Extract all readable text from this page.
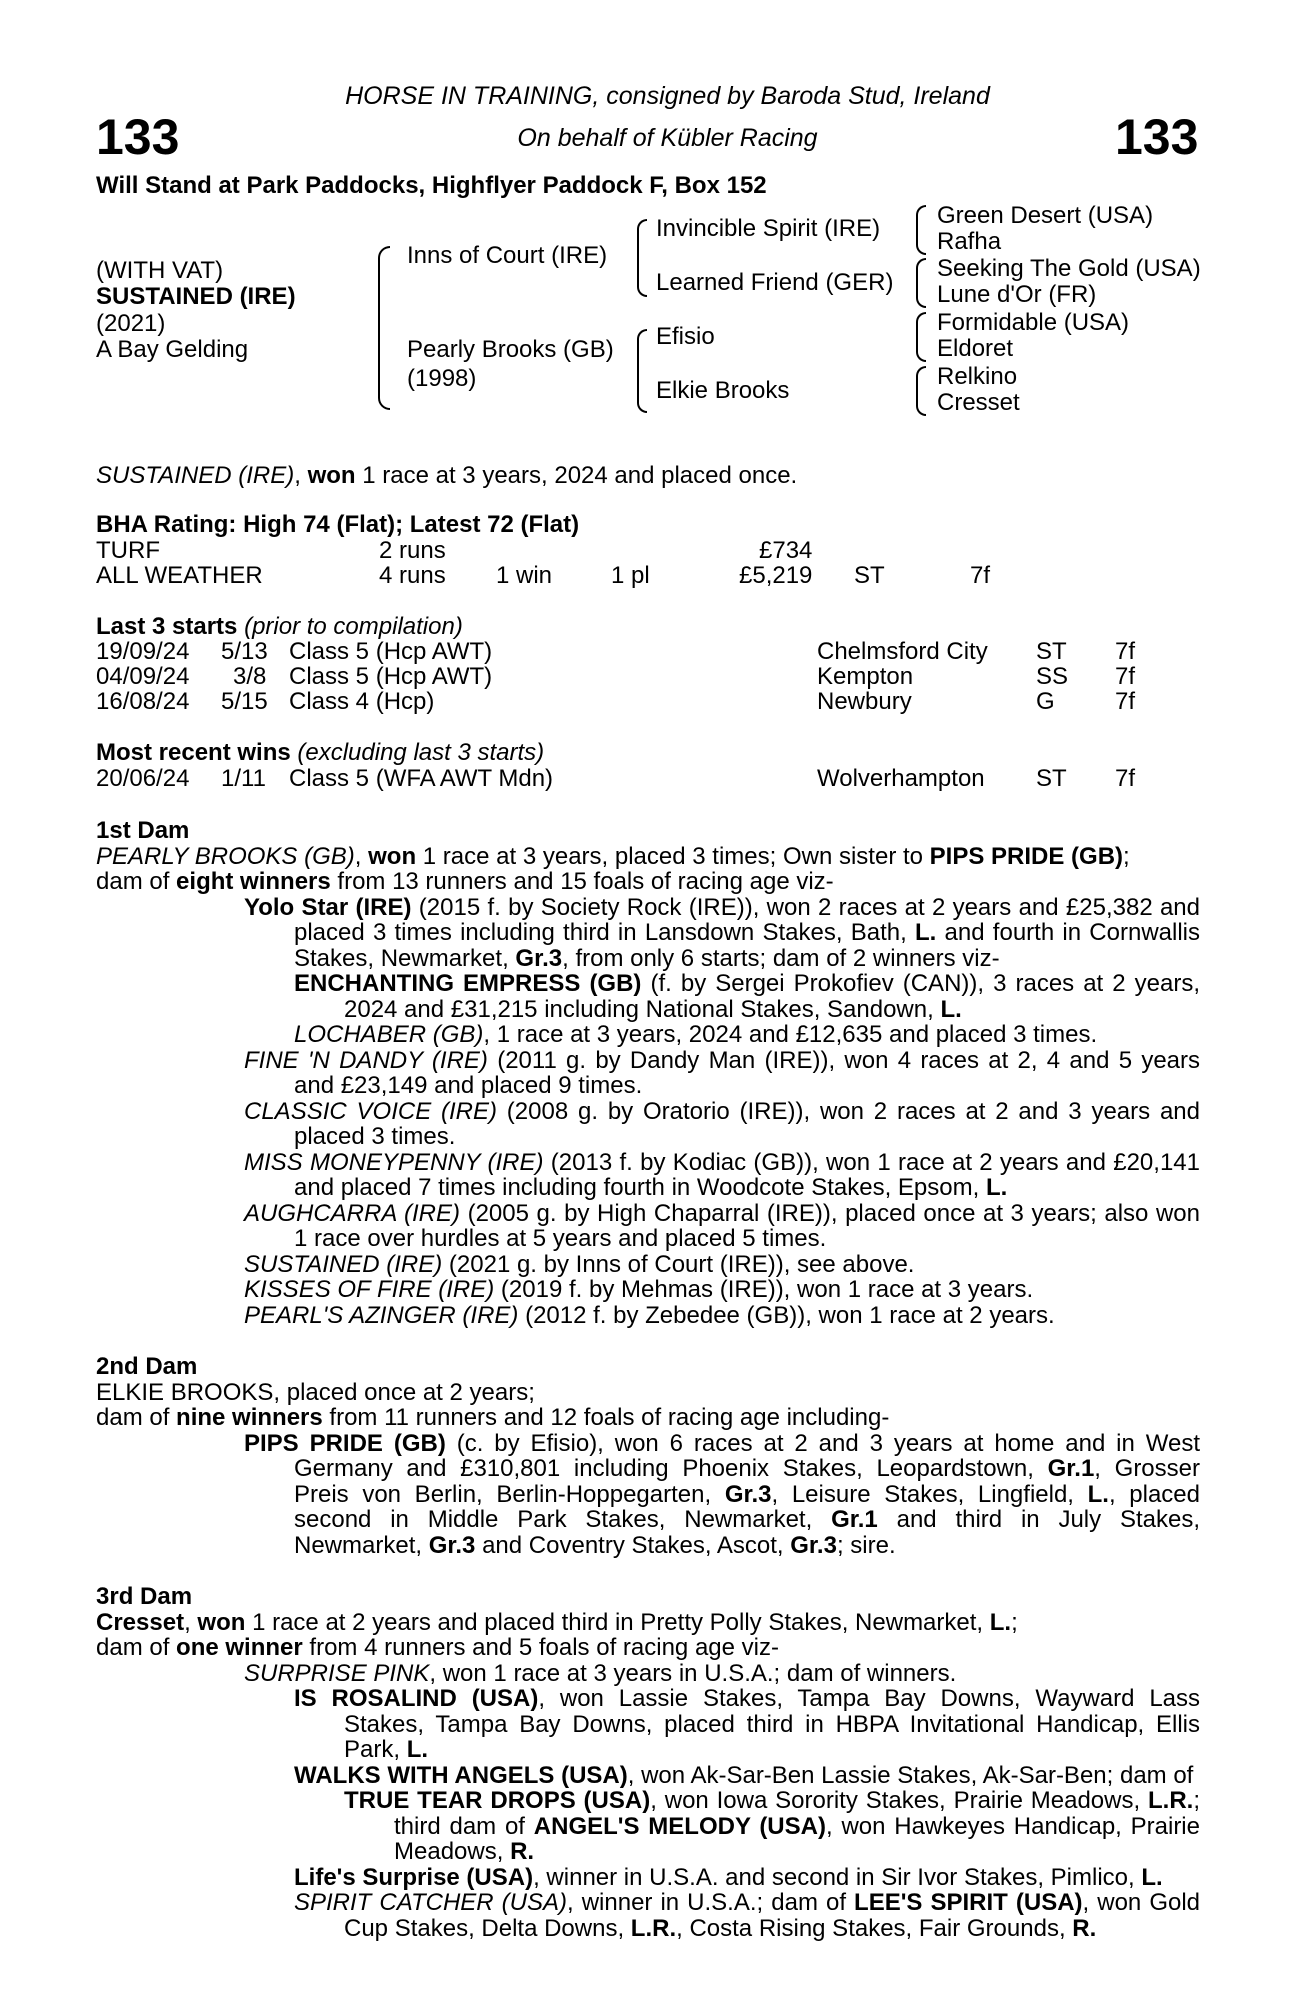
133	133
HORSE IN TRAINING, consigned by Baroda Stud, Ireland
On behalf of Kübler Racing
Will Stand at Park Paddocks, Highflyer Paddock F, Box 152
(WITH VAT)
SUSTAINED (IRE)
(2021)
A Bay Gelding
Inns of Court (IRE)
Pearly Brooks (GB)
(1998)
Invincible Spirit (IRE)
Learned Friend (GER)
Efisio
Elkie Brooks
Green Desert (USA)
Rafha
Seeking The Gold (USA)
Lune d'Or (FR)
Formidable (USA)
Eldoret
Relkino
Cresset
SUSTAINED (IRE), won 1 race at 3 years, 2024 and placed once.
BHA Rating: High 74 (Flat); Latest 72 (Flat)
TURF	2 runs	£734
ALL WEATHER	4 runs 1 win 1 pl	£5,219 ST	7f
Last 3 starts (prior to compilation)
19/09/24 5/13 Class 5 (Hcp AWT)	Chelmsford City ST 7f
04/09/24 3/8 Class 5 (Hcp AWT)	Kempton	SS 7f
16/08/24 5/15 Class 4 (Hcp)	Newbury	G	7f
Most recent wins (excluding last 3 starts)
20/06/24 1/11 Class 5 (WFA AWT Mdn)	Wolverhampton ST 7f

1st Dam

PEARLY BROOKS (GB), won 1 race at 3 years, placed 3 times; Own sister to PIPS PRIDE (GB);

dam of eight winners from 13 runners and 15 foals of racing age viz-

Yolo Star (IRE) (2015 f. by Society Rock (IRE)), won 2 races at 2 years and £25,382 and placed 3 times including third in Lansdown Stakes, Bath, L. and fourth in Cornwallis Stakes, Newmarket, Gr.3, from only 6 starts; dam of 2 winners viz-

ENCHANTING EMPRESS (GB) (f. by Sergei Prokofiev (CAN)), 3 races at 2 years, 2024 and £31,215 including National Stakes, Sandown, L.

LOCHABER (GB), 1 race at 3 years, 2024 and £12,635 and placed 3 times.

FINE 'N DANDY (IRE) (2011 g. by Dandy Man (IRE)), won 4 races at 2, 4 and 5 years and £23,149 and placed 9 times.

CLASSIC VOICE (IRE) (2008 g. by Oratorio (IRE)), won 2 races at 2 and 3 years and placed 3 times.

MISS MONEYPENNY (IRE) (2013 f. by Kodiac (GB)), won 1 race at 2 years and £20,141 and placed 7 times including fourth in Woodcote Stakes, Epsom, L.

AUGHCARRA (IRE) (2005 g. by High Chaparral (IRE)), placed once at 3 years; also won 1 race over hurdles at 5 years and placed 5 times.

SUSTAINED (IRE) (2021 g. by Inns of Court (IRE)), see above.

KISSES OF FIRE (IRE) (2019 f. by Mehmas (IRE)), won 1 race at 3 years.

PEARL'S AZINGER (IRE) (2012 f. by Zebedee (GB)), won 1 race at 2 years.

2nd Dam

ELKIE BROOKS, placed once at 2 years;

dam of nine winners from 11 runners and 12 foals of racing age including-

PIPS PRIDE (GB) (c. by Efisio), won 6 races at 2 and 3 years at home and in West Germany and £310,801 including Phoenix Stakes, Leopardstown, Gr.1, Grosser Preis von Berlin, Berlin-Hoppegarten, Gr.3, Leisure Stakes, Lingfield, L., placed second in Middle Park Stakes, Newmarket, Gr.1 and third in July Stakes, Newmarket, Gr.3 and Coventry Stakes, Ascot, Gr.3; sire.

3rd Dam

Cresset, won 1 race at 2 years and placed third in Pretty Polly Stakes, Newmarket, L.;

dam of one winner from 4 runners and 5 foals of racing age viz-

SURPRISE PINK, won 1 race at 3 years in U.S.A.; dam of winners.

IS ROSALIND (USA), won Lassie Stakes, Tampa Bay Downs, Wayward Lass Stakes, Tampa Bay Downs, placed third in HBPA Invitational Handicap, Ellis Park, L.

WALKS WITH ANGELS (USA), won Ak-Sar-Ben Lassie Stakes, Ak-Sar-Ben; dam of

TRUE TEAR DROPS (USA), won Iowa Sorority Stakes, Prairie Meadows, L.R.; third dam of ANGEL'S MELODY (USA), won Hawkeyes Handicap, Prairie Meadows, R.

Life's Surprise (USA), winner in U.S.A. and second in Sir Ivor Stakes, Pimlico, L.

SPIRIT CATCHER (USA), winner in U.S.A.; dam of LEE'S SPIRIT (USA), won Gold Cup Stakes, Delta Downs, L.R., Costa Rising Stakes, Fair Grounds, R.
